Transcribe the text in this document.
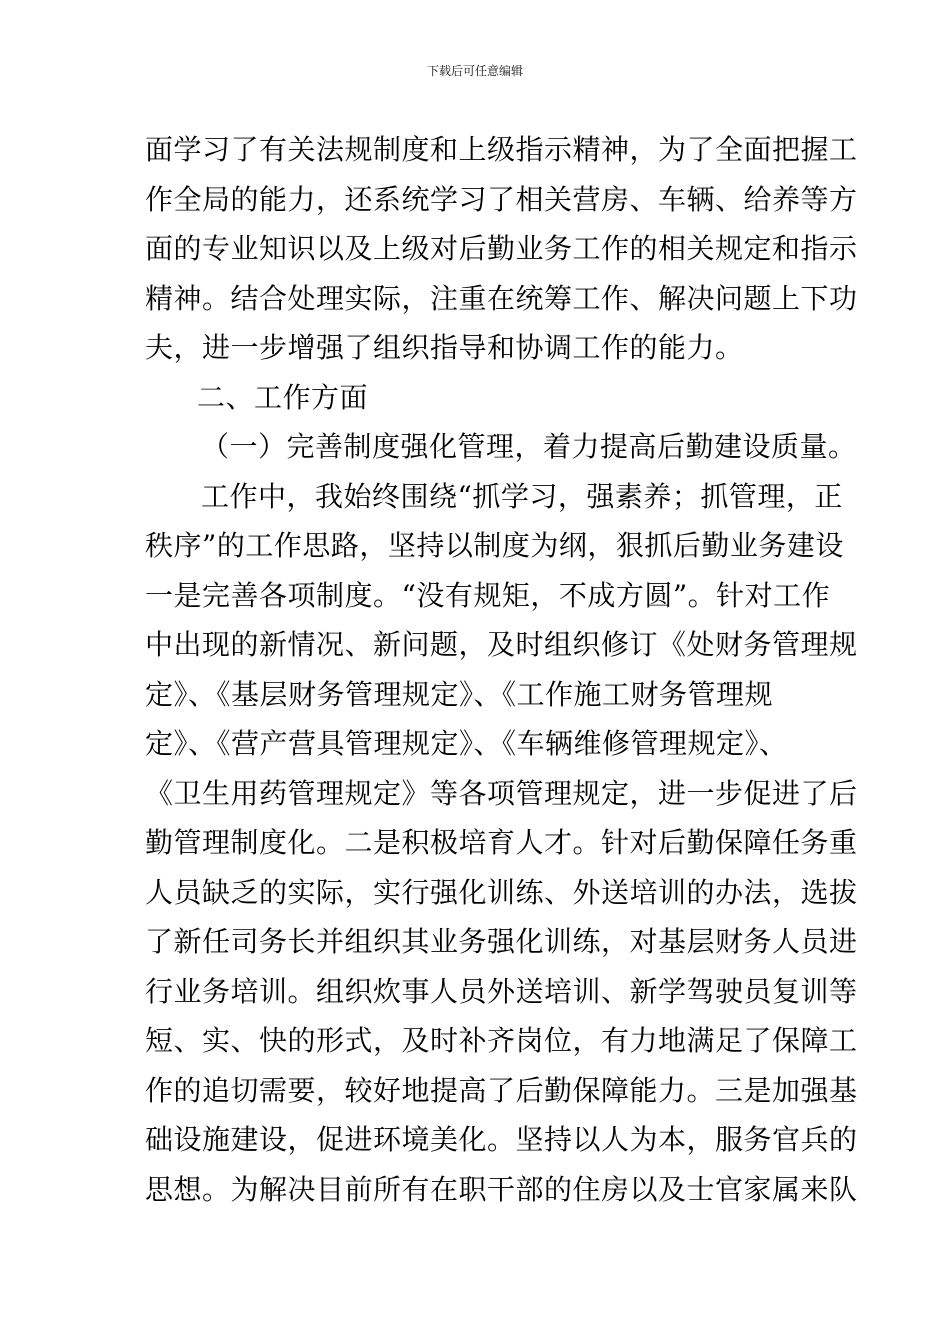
下载后可任意编辑
面学习了有关法规制度和上级指示精神，为了全面把握工
作全局的能力，还系统学习了相关营房、车辆、给养等方
面的专业知识以及上级对后勤业务工作的相关规定和指示
精神。结合处理实际，注重在统筹工作、解决问题上下功
夫，进一步增强了组织指导和协调工作的能力。
二、工作方面
（一）完善制度强化管理，着力提高后勤建设质量。
工作中，我始终围绕“抓学习，强素养；抓管理，正
秩序”的工作思路，坚持以制度为纲，狠抓后勤业务建设
一是完善各项制度。“没有规矩，不成方圆”。针对工作
中出现的新情况、新问题，及时组织修订《处财务管理规
定》、《基层财务管理规定》、《工作施工财务管理规
定》、《营产营具管理规定》、《车辆维修管理规定》、
《卫生用药管理规定》等各项管理规定，进一步促进了后
勤管理制度化。二是积极培育人才。针对后勤保障任务重
人员缺乏的实际，实行强化训练、外送培训的办法，选拔
了新任司务长并组织其业务强化训练，对基层财务人员进
行业务培训。组织炊事人员外送培训、新学驾驶员复训等
短、实、快的形式，及时补齐岗位，有力地满足了保障工
作的追切需要，较好地提高了后勤保障能力。三是加强基
础设施建设，促进环境美化。坚持以人为本，服务官兵的
思想。为解决目前所有在职干部的住房以及士官家属来队
